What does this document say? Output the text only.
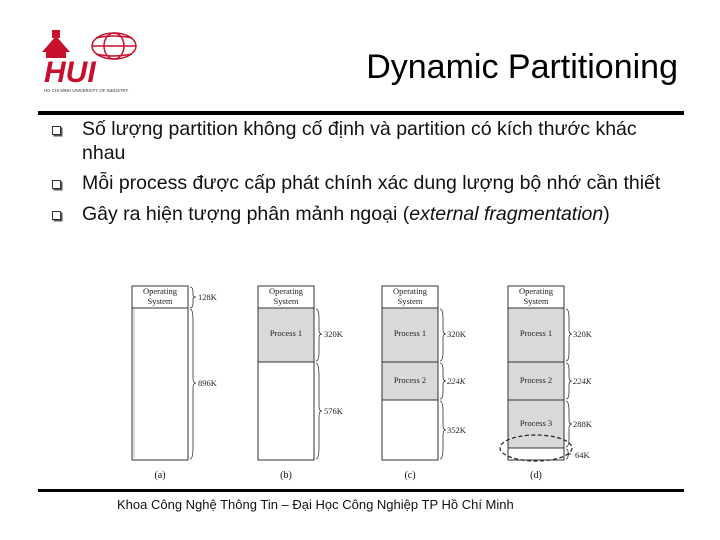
HUI
HO CHI MINH UNIVERSITY OF INDUSTRY
Dynamic Partitioning
Số lượng partition không cố định và partition có kích thước khác nhau
Mỗi process được cấp phát chính xác dung lượng bộ nhớ cần thiết
Gây ra hiện tượng phân mảnh ngoại (external fragmentation)
Operating
System	128K
896K
(a)
Operating
System
Process 1	320K
576K
(b)
Operating
System
Process 1
Process 2
320K
224K
352K
(c)
Operating
System
Process 1
Process 2
Process 3
320K
224K
288K
64K
(d)
Khoa Công Nghệ Thông Tin – Đại Học Công Nghiệp TP Hồ Chí Minh
